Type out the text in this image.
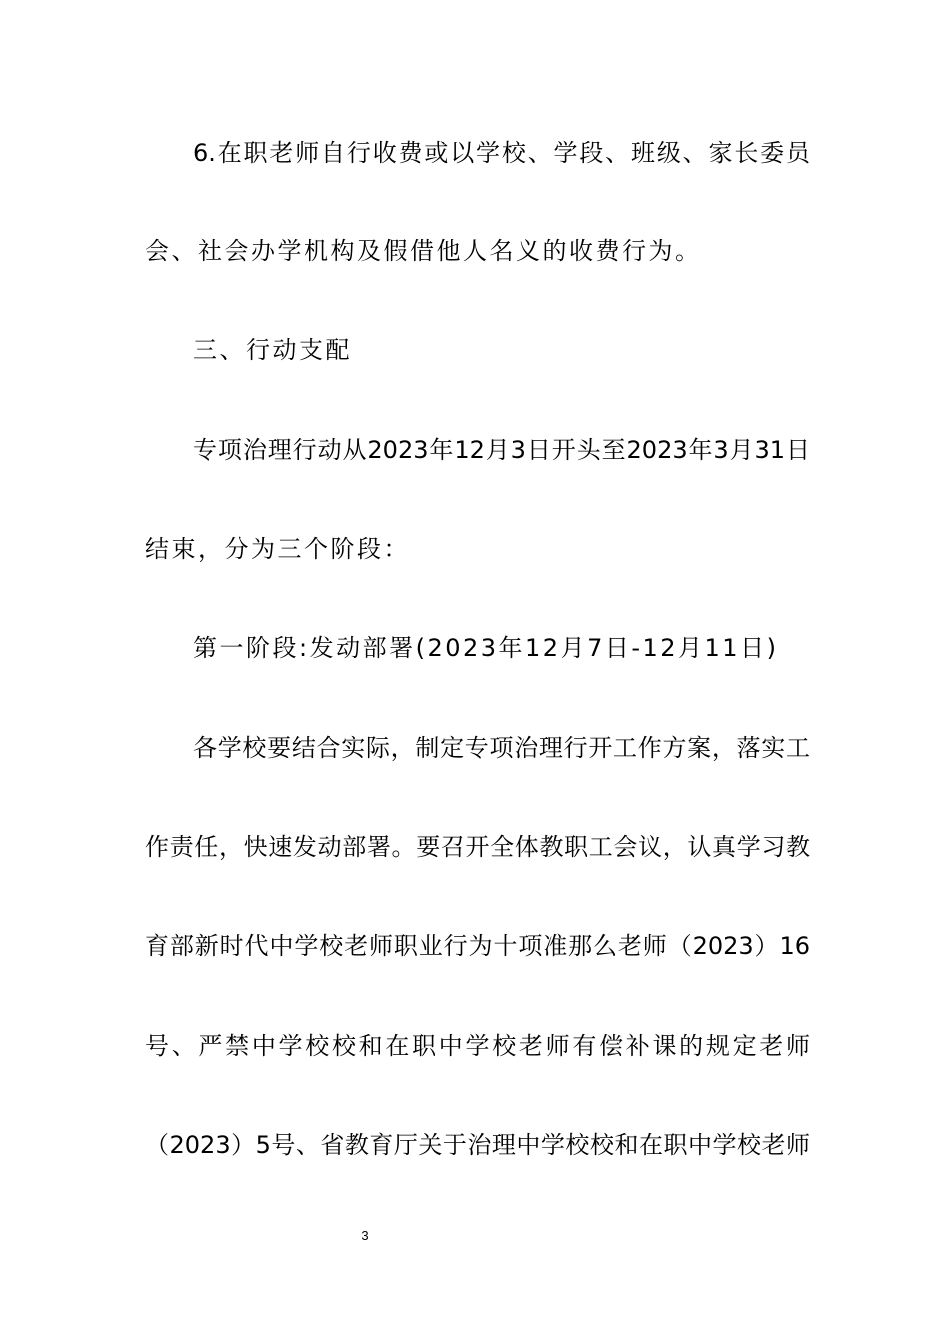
6.在职老师自行收费或以学校、学段、班级、家长委员
会、社会办学机构及假借他人名义的收费行为。
三、行动支配
专项治理行动从2023年12月3日开头至2023年3月31日
结束，分为三个阶段：
第一阶段:发动部署(2023年12月7日-12月11日)
各学校要结合实际，制定专项治理行开工作方案，落实工
作责任，快速发动部署。要召开全体教职工会议，认真学习教
育部新时代中学校老师职业行为十项准那么老师（2023）16
号、严禁中学校校和在职中学校老师有偿补课的规定老师
（2023）5号、省教育厅关于治理中学校校和在职中学校老师
3
